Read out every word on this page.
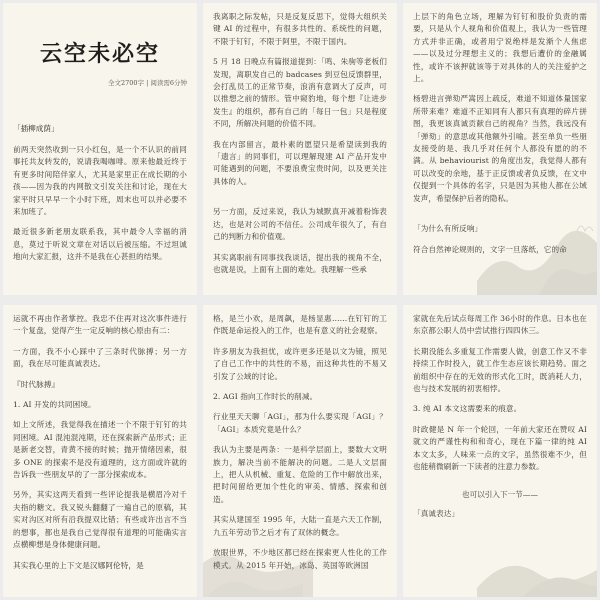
云空未必空
全文2700字 | 阅读需6分钟
「插柳成荫」

前两天突然收到一只小红包，是一个不认识的前同事托共友转发的，说请我喝咖啡。原来他最近终于有更多时间陪伴家人，尤其是家里正在成长期的小孩——因为我的内网散文引发关注和讨论，现在大家平时只早早一个小时下班，周末也可以并必要不来加班了。

最近很多新老朋友联系我，其中最令人幸福的消息，莫过于听说文章在对话以后被压缩。不过坦诚地向大家汇报，这并不是我在心甚担的结果。

我离职之际发帖，只是反复反思下，觉得大组织关键 AI 的过程中，有很多共性的、系统性的问题，不限于钉钉，不限于阿里，不限于国内。

5 月 18 日晚点有篇报道提到：「鸣、朱驹等老板们发现，离职发自己的 badcases 到豆包反馈群里，会打乱员工的正常节奏，浪消有意调大了反声，可以推想之前的情形。管中窥豹地，每个想『让进步发生』的组织，都有自己的「每日一包」只是程度不同，所解决问题的价值不同。

我在内部留言，最朴素的愿望只是希望读到我的「遗言」的同事们，可以理解现建 AI 产品开发中可能遇到的问题，不要浪费宝贵时间，以及更关注具体的人。

另一方面，反过来说，我认为城默真开减着粉饰表达，也是对公司的不信任。公司成年很久了，有自己的判断力和价值观。

其实离职前有同事找我谈话，提出我的视角不全，也就是说，上面有上面的难处。我理解一些承

上层下的角色立场，理解为钉钉和股价负责的需要，只是从个人视角和价值观上，我认为一些管理方式并非正确，或者用宁说绝样是发渐个人焦虑——以及过分理想主义的；我想后遭价的金融属性，或许不该押就该等于对具体的人的关注爱护之上。

杨碧进言弹劾严嵩因上疏反，难道不知道体量国家所带来难？难道不正知同有人都只有真理的碎片拼图，我更该真诚贡献自己的视角？当然，我远没有「弹劾」的意思或其他额外引喻。甚至单负一些朋友接受的是、我几乎对任何个人都没有愿的的不满。从 behaviourist 的角度出发，我觉得人都有可以改变的余地，基于正反馈或者负反馈，在文中仅提到一个具体的名字，只是因为其他人都在公域发声，希望保护后者的隐私。

「为什么有所反响」

符合自然神论规则的，文字一旦落纸，它的命

运就不再由作者掌控。我忠不住再对这次事件进行一个复盘，觉得产生一定反响的核心原由有二：

一方面，我不小心踩中了三条时代脉搏；另一方面，我在尽可能真诚表达。

『时代脉搏』

1. AI 开发的共同困境。

如上文所述，我觉得我在描述一个不限于钉钉的共同困境。AI 混沌混沌期，还在探索新产品形式；正是新老交替，青黄不接的时候；抛开情绪因素，很多 ONE 的探索不是没有道理的，这方面或许就的告诉我一些朋友早的了一部分探索成本。

另外，其实这两天看到一些评论提我是横眉冷对千夫指的糖文。我又锐头翻翻了一遍自己的原稿，其实对沟区对所有沿我提双比错；有些或许出言不当的想事，都也是我自己觉得很有道理的可能确实言点横柳想是身体健康问题。

其实我心里的上下文是汉娜阿伦特，是

格，是兰小欢，是周飙，是杨显惠……在钉钉的工作既是命运投入的工作，也是有意义的社会观察。

许多朋友为我担忧，或许更多还是以文为镜，照见了自己工作中的共性的不易，而这种共性的不易又引发了公域的讨论。

2. AGI 指向工作时长的削减。

行业里天天聊「AGI」，那为什么要实现「AGI」？「AGI」本质究竟是什么？

我认为主要是两条：一是科学层面上，要数大文明族力，解决当前不能解决的问题。二是人文层面上，把人从机械、重复、危险的工作中解放出来，把时间留给更加个性化的审美、情感、探索和创造。

其实从建国至 1995 年，大陆一直是六天工作制，九五年劳动节之后才有了双休的概念。

放眼世界，不少地区都已经在探索更人性化的工作模式。从 2015 年开始，冰岛、英国等欧洲国

家就在先后试点每周工作 36小时的作息。日本也在东京都公职人员中尝试推行四四休三。

长期没能么多重复工作需要人做，创意工作又不非持续工作时投入，就工作生态应该长期趋势。面之前组织中存在的无效的形式化工时，既消耗人力，也与技术发展的初衷相悖。

3. 纯 AI 本文这需要来的痕意。

时政健是 N 年一个轮回，一年前大家还在赞叹 AI 就文的严谨性构和和奇心，现在下篇一律的纯 AI 本文太多，人味来一点的文字，虽然很难不少，但也能稍微刷新一下读者的注意力参数。

也可以引入下一节——

「真诚表达」
